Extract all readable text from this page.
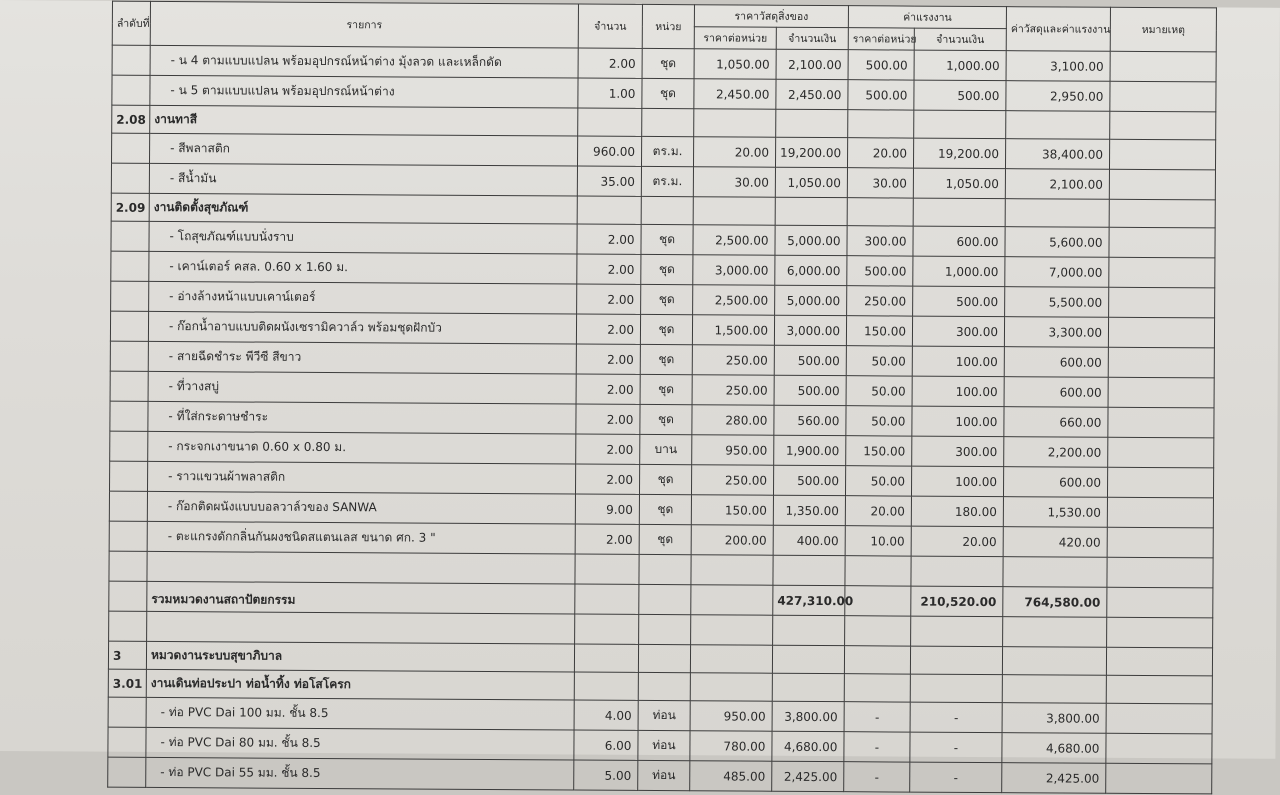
ลำดับที่	รายการ	จำนวน	หน่วย	ราคาวัสดุสิ่งของ		ค่าแรงงาน		ค่าวัสดุและค่าแรงงาน	หมายเหตุ
				ราคาต่อหน่วย	จำนวนเงิน	ราคาต่อหน่วย	จำนวนเงิน		
	- น 4 ตามแบบแปลน พร้อมอุปกรณ์หน้าต่าง มุ้งลวด และเหล็กดัด	2.00	ชุด	1,050.00	2,100.00	500.00	1,000.00	3,100.00	
	- น 5 ตามแบบแปลน พร้อมอุปกรณ์หน้าต่าง	1.00	ชุด	2,450.00	2,450.00	500.00	500.00	2,950.00	
2.08	งานทาสี								
	- สีพลาสติก	960.00	ตร.ม.	20.00	19,200.00	20.00	19,200.00	38,400.00	
	- สีน้ำมัน	35.00	ตร.ม.	30.00	1,050.00	30.00	1,050.00	2,100.00	
2.09	งานติดตั้งสุขภัณฑ์								
	- โถสุขภัณฑ์แบบนั่งราบ	2.00	ชุด	2,500.00	5,000.00	300.00	600.00	5,600.00	
	- เคาน์เตอร์ คสล. 0.60 x 1.60 ม.	2.00	ชุด	3,000.00	6,000.00	500.00	1,000.00	7,000.00	
	- อ่างล้างหน้าแบบเคาน์เตอร์	2.00	ชุด	2,500.00	5,000.00	250.00	500.00	5,500.00	
	- ก๊อกน้ำอาบแบบติดผนังเซรามิควาล์ว พร้อมชุดฝักบัว	2.00	ชุด	1,500.00	3,000.00	150.00	300.00	3,300.00	
	- สายฉีดชำระ พีวีซี สีขาว	2.00	ชุด	250.00	500.00	50.00	100.00	600.00	
	- ที่วางสบู่	2.00	ชุด	250.00	500.00	50.00	100.00	600.00	
	- ที่ใส่กระดาษชำระ	2.00	ชุด	280.00	560.00	50.00	100.00	660.00	
	- กระจกเงาขนาด 0.60 x 0.80 ม.	2.00	บาน	950.00	1,900.00	150.00	300.00	2,200.00	
	- ราวแขวนผ้าพลาสติก	2.00	ชุด	250.00	500.00	50.00	100.00	600.00	
	- ก๊อกติดผนังแบบบอลวาล์วของ SANWA	9.00	ชุด	150.00	1,350.00	20.00	180.00	1,530.00	
	- ตะแกรงดักกลิ่นกันผงชนิดสแตนเลส ขนาด ศก. 3 "	2.00	ชุด	200.00	400.00	10.00	20.00	420.00	

	รวมหมวดงานสถาปัตยกรรม				427,310.00		210,520.00	764,580.00	

3	หมวดงานระบบสุขาภิบาล								
3.01	งานเดินท่อประปา ท่อน้ำทิ้ง ท่อโสโครก								
	- ท่อ PVC Dai 100 มม. ชั้น 8.5	4.00	ท่อน	950.00	3,800.00	-	-	3,800.00	
	- ท่อ PVC Dai 80 มม. ชั้น 8.5	6.00	ท่อน	780.00	4,680.00	-	-	4,680.00	
	- ท่อ PVC Dai 55 มม. ชั้น 8.5	5.00	ท่อน	485.00	2,425.00	-	-	2,425.00	
